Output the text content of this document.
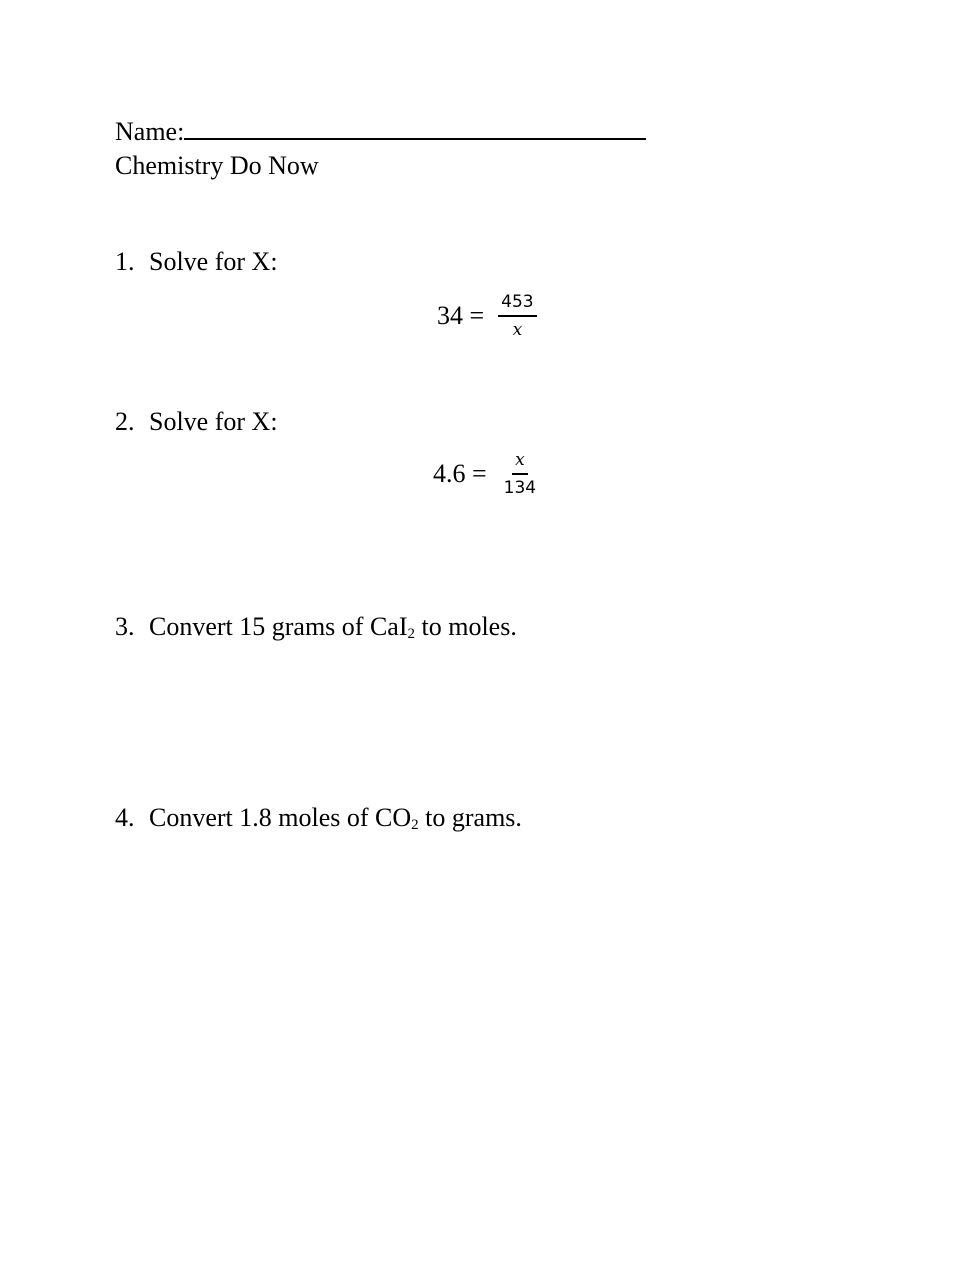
Name:
Chemistry Do Now
1. Solve for X:
$34 = \frac{453}{x}$
2. Solve for X:
$4.6 = \frac{x}{134}$
3. Convert 15 grams of CaI$_2$ to moles.
4. Convert 1.8 moles of $CO_2$ to grams.
